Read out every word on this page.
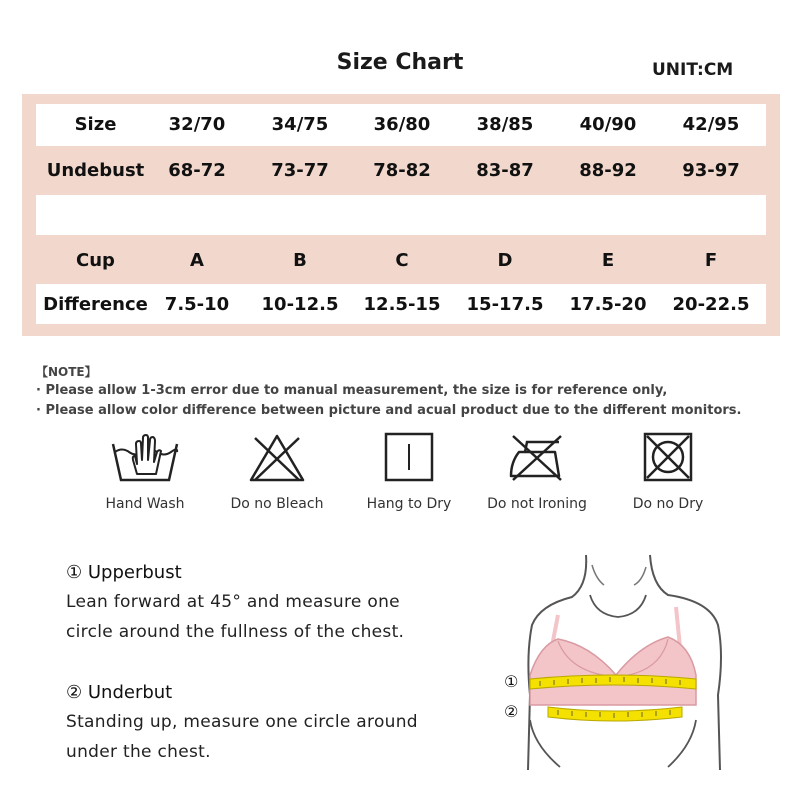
Size Chart	UNIT:CM
Size	32/70	34/75	36/80	38/85	40/90	42/95
Undebust	68-72	73-77	78-82	83-87	88-92	93-97
Cup	A	B	C	D	E	F
Difference 7.5-10	10-12.5	12.5-15	15-17.5	17.5-20	20-22.5
【NOTE】
· Please allow 1-3cm error due to manual measurement, the size is for reference only,
· Please allow color difference between picture and acual product due to the different monitors.
Hand Wash	Do no Bleach	Hang to Dry	Do not Ironing	Do no Dry
① Upperbust
Lean forward at 45° and measure one
circle around the fullness of the chest.
② Underbut
Standing up, measure one circle around
under the chest.
①
②
